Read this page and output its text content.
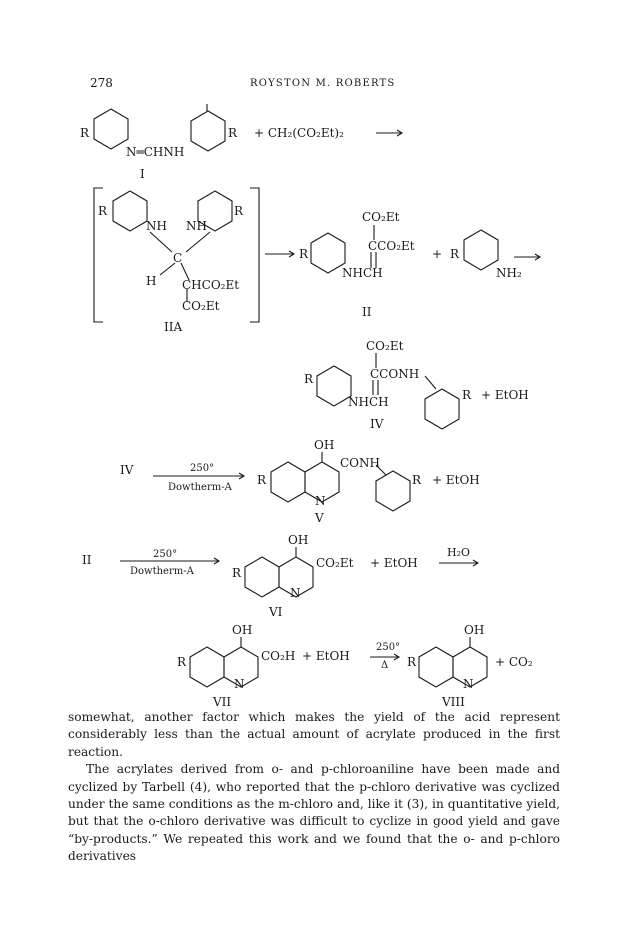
278	ROYSTON M. ROBERTS
R
N═CHNH
R + CH₂(CO₂Et)₂
I
R
NH NH
R
C
H CHCO₂Et
CO₂Et
IIA
CO₂Et
CCO₂Et
NHCH
R
II
+ R
NH₂
CO₂Et
CCONH
NHCH
R
R + EtOH
IV
IV	250°
Dowtherm-A
OH
CONH
N
R	R + EtOH
V
II	250°
Dowtherm-A
OH
CO₂Et
N
R
+ EtOH
H₂O
VI
OH
CO₂H
N
R	+ EtOH
250°
Δ
VII
OH
N
R	+ CO₂
VIII

somewhat, another factor which makes the yield of the acid represent considerably less than the actual amount of acrylate produced in the first reaction.

The acrylates derived from o- and p-chloroaniline have been made and cyclized by Tarbell (4), who reported that the p-chloro derivative was cyclized under the same conditions as the m-chloro and, like it (3), in quantitative yield, but that the o-chloro derivative was difficult to cyclize in good yield and gave “by-products.” We repeated this work and we found that the o- and p-chloro derivatives
